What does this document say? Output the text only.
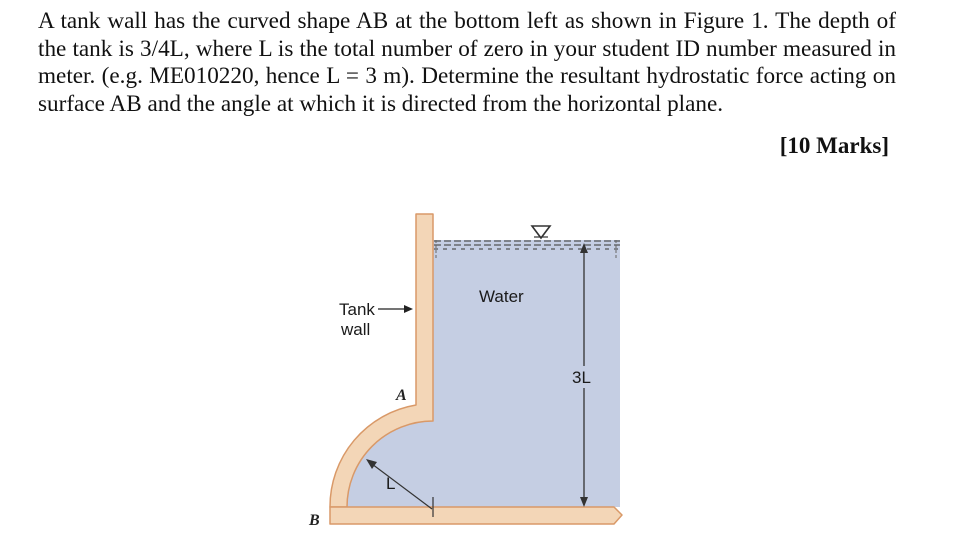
A tank wall has the curved shape AB at the bottom left as shown in Figure 1. The depth of the tank is 3/4L, where L is the total number of zero in your student ID number measured in meter. (e.g. ME010220, hence L = 3 m). Determine the resultant hydrostatic force acting on surface AB and the angle at which it is directed from the horizontal plane.

[10 Marks]
3L
Water
Tank
wall
L
A
B
